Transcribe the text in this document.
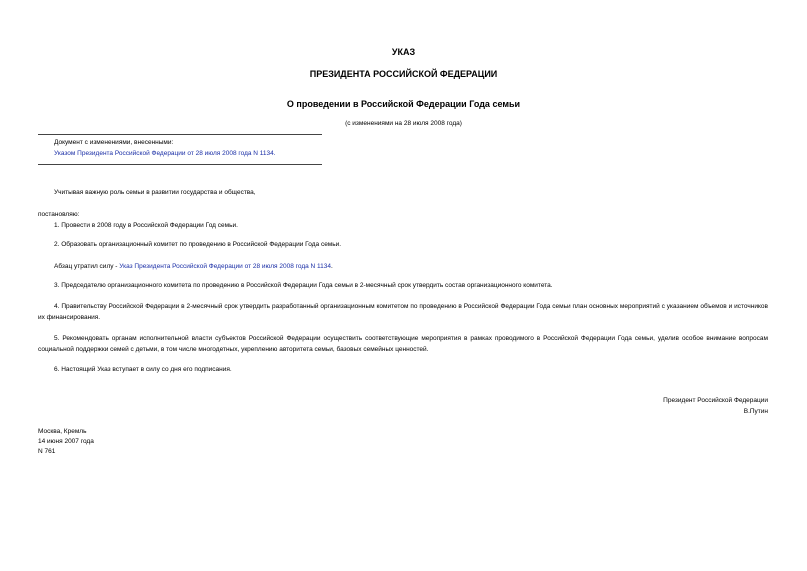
УКАЗ
ПРЕЗИДЕНТА РОССИЙСКОЙ ФЕДЕРАЦИИ
О проведении в Российской Федерации Года семьи
(с изменениями на 28 июля 2008 года)
Документ с изменениями, внесенными:
Указом Президента Российской Федерации от 28 июля 2008 года N 1134.
Учитывая важную роль семьи в развитии государства и общества,
постановляю:
1. Провести в 2008 году в Российской Федерации Год семьи.
2. Образовать организационный комитет по проведению в Российской Федерации Года семьи.
Абзац утратил силу - Указ Президента Российской Федерации от 28 июля 2008 года N 1134.
3. Председателю организационного комитета по проведению в Российской Федерации Года семьи в 2-месячный срок утвердить состав организационного комитета.
4. Правительству Российской Федерации в 2-месячный срок утвердить разработанный организационным комитетом по проведению в Российской Федерации Года семьи план основных мероприятий с указанием объемов и источников их финансирования.
5. Рекомендовать органам исполнительной власти субъектов Российской Федерации осуществить соответствующие мероприятия в рамках проводимого в Российской Федерации Года семьи, уделив особое внимание вопросам социальной поддержки семей с детьми, в том числе многодетных, укреплению авторитета семьи, базовых семейных ценностей.
6. Настоящий Указ вступает в силу со дня его подписания.
Президент Российской Федерации
В.Путин
Москва, Кремль
14 июня 2007 года
N 761
